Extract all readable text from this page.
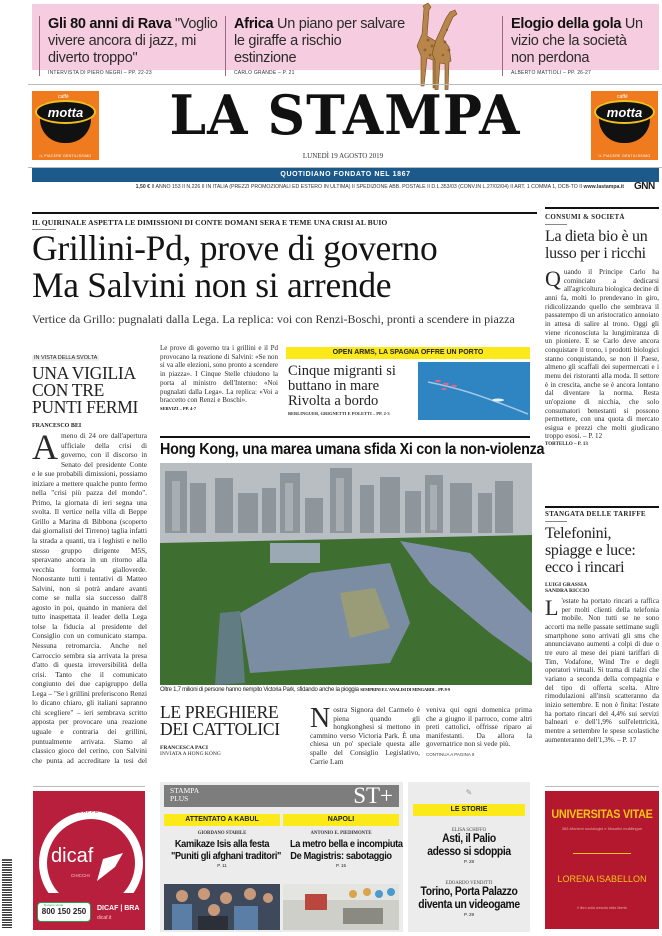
Gli 80 anni di Rava "Voglio vivere ancora di jazz, mi diverto troppo"
INTERVISTA DI PIERO NEGRI – PP. 22-23
Africa Un piano per salvare le giraffe a rischio estinzione
CARLO GRANDE – P. 21
Elogio della gola Un vizio che la società non perdona
ALBERTO MATTIOLI – PP. 26-27
caffè
motta
IL PIACERE GENTILISSIMO
LA STAMPA
LUNEDÌ 19 AGOSTO 2019
caffè
motta
IL PIACERE GENTILISSIMO
QUOTIDIANO FONDATO NEL 1867
1,50 € II ANNO 153 II N.226 II IN ITALIA (PREZZI PROMOZIONALI ED ESTERO IN ULTIMA) II SPEDIZIONE ABB. POSTALE II D.L.353/03 (CONV.IN L.27/02/04) II ART. 1 COMMA 1, DCB-TO II www.lastampa.it GNN
IL QUIRINALE ASPETTA LE DIMISSIONI DI CONTE DOMANI SERA E TEME UNA CRISI AL BUIO
Grillini-Pd, prove di governo
Ma Salvini non si arrende
Vertice da Grillo: pugnalati dalla Lega. La replica: voi con Renzi-Boschi, pronti a scendere in piazza
IN VISTA DELLA SVOLTA
UNA VIGILIA CON TRE PUNTI FERMI
FRANCESCO BEI
Ameno di 24 ore dall'apertura ufficiale della crisi di governo, con il discorso in Senato del presidente Conte e le sue probabili dimissioni, possiamo iniziare a mettere qualche punto fermo nella "crisi più pazza del mondo". Primo, la giornata di ieri segna una svolta. Il vertice nella villa di Beppe Grillo a Marina di Bibbona (scoperto dai giornalisti del Tirreno) taglia infatti la strada a quanti, tra i leghisti e nello stesso gruppo dirigente M5S, speravano ancora in un ritorno alla vecchia formula gialloverde. Nonostante tutti i tentativi di Matteo Salvini, non si potrà andare avanti come se nulla sia successo dall'8 agosto in poi, quando in maniera del tutto inaspettata il leader della Lega tolse la fiducia al presidente del Consiglio con un comunicato stampa. Nessuna retromarcia. Anche nel Carroccio sembra sia arrivata la presa d'atto di questa irreversibilità della crisi. Tanto che il comunicato congiunto dei due capigruppo della Lega – "Se i grillini preferiscono Renzi lo dicano chiaro, gli italiani sapranno chi scegliere" – ieri sembrava scritto apposta per provocare una reazione uguale e contraria dei grillini, puntualmente arrivata. Siamo al classico gioco del cerino, con Salvini che punta ad accreditare la tesi del
Le prove di governo tra i grillini e il Pd provocano la reazione di Salvini: «Se non si va alle elezioni, sono pronto a scendere in piazza». I Cinque Stelle chiudono la porta al ministro dell'Interno: «Noi pugnalati dalla Lega». La replica: «Voi a braccetto con Renzi e Boschi».
SERVIZI – PP. 4-7
OPEN ARMS, LA SPAGNA OFFRE UN PORTO
Cinque migranti si buttano in mare Rivolta a bordo
BERLINGUER, GRIGNETTI E POLETTI – PP. 2-3
Hong Kong, una marea umana sfida Xi con la non-violenza
Oltre 1,7 milioni di persone hanno riempito Victoria Park, sfidando anche la pioggia SEMPRINI E L'ANALISI DI MINGARDI – PP. 8-9
LE PREGHIERE DEI CATTOLICI
FRANCESCA PACI
INVIATA A HONG KONG
Nostra Signora del Carmelo è piena quando gli hongkonghesi si mettono in cammino verso Victoria Park. È una chiesa un po' speciale questa alle spalle del Consiglio Legislativo, Carrie Lam
veniva qui ogni domenica prima che a giugno il parroco, come altri preti cattolici, offrisse riparo ai manifestanti. Da allora la governatrice non si vede più.
CONTINUA A PAGINA 9
CONSUMI & SOCIETÀ
La dieta bio è un lusso per i ricchi
Quando il Principe Carlo ha cominciato a dedicarsi all'agricoltura biologica decine di anni fa, molti lo prendevano in giro, ridicolizzando quello che sembrava il passatempo di un aristocratico annoiato in attesa di salire al trono. Oggi gli viene riconosciuta la lungimiranza di un pioniere. E se Carlo deve ancora conquistare il trono, i prodotti biologici stanno conquistando, se non il Paese, almeno gli scaffali dei supermercati e i menu dei ristoranti alla moda. Il settore è in crescita, anche se è ancora lontano dal diventare la norma. Resta un'opzione di nicchia, che solo consumatori benestanti si possono permettere, con una quota di mercato esigua e prezzi che molti giudicano troppo esosi. – P. 12
TORTELLO – P. 13
STANGATA DELLE TARIFFE
Telefonini, spiagge e luce: ecco i rincari
LUIGI GRASSIA
SANDRA RICCIO
L 'estate ha portato rincari a raffica per molti clienti della telefonia mobile. Non tutti se ne sono accorti ma nelle passate settimane sugli smartphone sono arrivati gli sms che annunciavano aumenti a colpi di due o tre euro al mese dei piani tariffari di Tim, Vodafone, Wind Tre e degli operatori virtuali. Si trama di rialzi che variano a seconda della compagnia e del tipo di offerta scelta. Altre rimodulazioni all'insù scatteranno da inizio settembre. E non è finita: l'estate ha portato rincari del 4,4% sui servizi balneari e dell'1,9% sull'elettricità, mentre a settembre le spese scolastiche aumenteranno dell'1,3%. – P. 17
DI CAFFÈ IN CAFFÈ IL MEGLIO È
dicaf
CHICCHI
Numero Verde
800 150 250	DICAF | BRA
dicaf.it
STAMPA PLUS	ST+
ATTENTATO A KABUL
GIORDANO STABILE
Kamikaze Isis alla festa
"Puniti gli afghani traditori"
P. 11
NAPOLI
ANTONIO E. PIEDIMONTE
La metro bella e incompiuta
De Magistris: sabotaggio
P. 15
✎
LE STORIE
ELISA SCHIFFO
Asti, il Palio
adesso si sdoppia
P. 28
EDOARDO VENDITTI
Torino, Porta Palazzo
diventa un videogame
P. 29
UNIVERSITAS VITAE
365 Aforismi sociologici e filosofici multilingue
LORENA ISABELLON
Il libro sulla crescita della libertà
